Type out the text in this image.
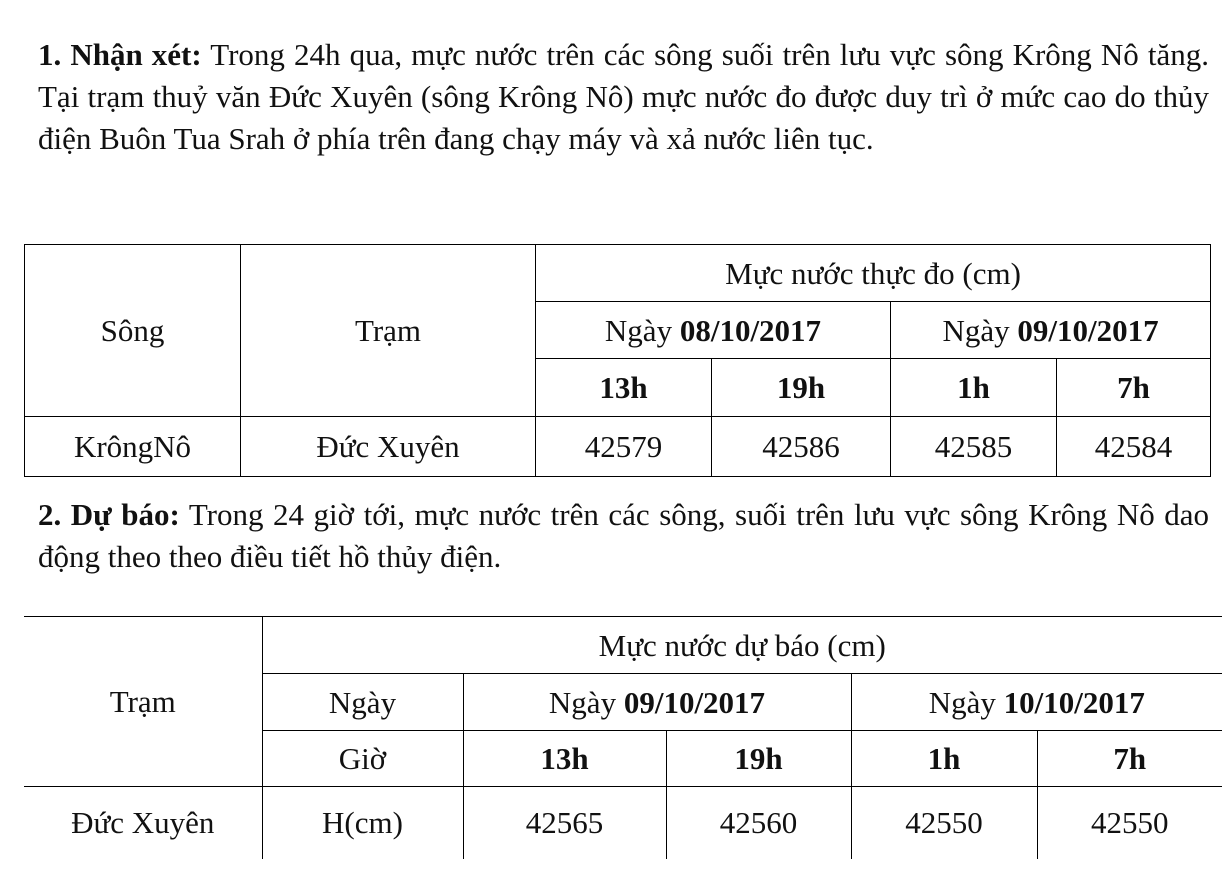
1. Nhận xét: Trong 24h qua, mực nước trên các sông suối trên lưu vực sông Krông Nô tăng. Tại trạm thuỷ văn Đức Xuyên (sông Krông Nô) mực nước đo được duy trì ở mức cao do thủy điện Buôn Tua Srah ở phía trên đang chạy máy và xả nước liên tục.
Sông	Trạm	Mực nước thực đo (cm)			
		Ngày 08/10/2017		Ngày 09/10/2017	
		13h	19h	1h	7h
KrôngNô	Đức Xuyên	42579	42586	42585	42584
2. Dự báo: Trong 24 giờ tới, mực nước trên các sông, suối trên lưu vực sông Krông Nô dao động theo theo điều tiết hồ thủy điện.
Trạm	Mực nước dự báo (cm)				
	Ngày	Ngày 09/10/2017		Ngày 10/10/2017	
	Giờ	13h	19h	1h	7h
Đức Xuyên	H(cm)	42565	42560	42550	42550
